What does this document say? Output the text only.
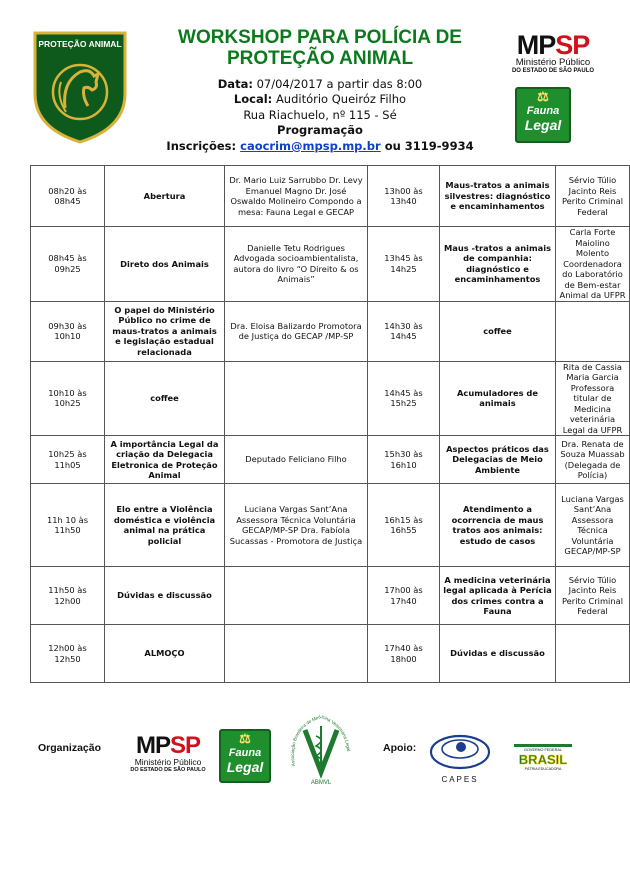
PROTEÇÃO ANIMAL	WORKSHOP PARA POLÍCIA DE
PROTEÇÃO ANIMAL
Data: 07/04/2017 a partir das 8:00
Local: Auditório Queiróz Filho
Rua Riachuelo, nº 115 - Sé
Programação
Inscrições: caocrim@mpsp.mp.br ou 3119-9934
MPSP
Ministério Público
DO ESTADO DE SÃO PAULO
⚖
Fauna
Legal
08h20 às 08h45	Abertura	Dr. Mario Luiz Sarrubbo Dr. Levy Emanuel Magno Dr. José Oswaldo Molineiro Compondo a mesa: Fauna Legal e GECAP	13h00 às 13h40	Maus-tratos a animais silvestres: diagnóstico e encaminhamentos	Sérvio Túlio Jacinto Reis Perito Criminal Federal
08h45 às 09h25	Direto dos Animais	Danielle Tetu Rodrigues Advogada socioambientalista, autora do livro “O Direito & os Animais”	13h45 às 14h25	Maus -tratos a animais de companhia: diagnóstico e encaminhamentos	Carla Forte Maiolino Molento Coordenadora do Laboratório de Bem-estar Animal da UFPR
09h30 às 10h10	O papel do Ministério Público no crime de maus-tratos a animais e legislação estadual relacionada	Dra. Eloisa Balizardo Promotora de Justiça do GECAP /MP-SP	14h30 às 14h45	coffee	
10h10 às 10h25	coffee		14h45 às 15h25	Acumuladores de animais	Rita de Cassia Maria Garcia Professora titular de Medicina veterinária Legal da UFPR
10h25 às 11h05	A importância Legal da criação da Delegacia Eletronica de Proteção Animal	Deputado Feliciano Filho	15h30 às 16h10	Aspectos práticos das Delegacias de Meio Ambiente	Dra. Renata de Souza Muassab (Delegada de Polícia)
11h 10 às 11h50	Elo entre a Violência doméstica e violência animal na prática policial	Luciana Vargas Sant’Ana Assessora Técnica Voluntária GECAP/MP-SP Dra. Fabíola Sucassas - Promotora de Justiça	16h15 às 16h55	Atendimento a ocorrencia de maus tratos aos animais: estudo de casos	Luciana Vargas Sant’Ana Assessora Técnica Voluntária GECAP/MP-SP
11h50 às 12h00	Dúvidas e discussão		17h00 às 17h40	A medicina veterinária legal aplicada à Perícia dos crimes contra a Fauna	Sérvio Túlio Jacinto Reis Perito Criminal Federal
12h00 às 12h50	ALMOÇO		17h40 às 18h00	Dúvidas e discussão	
Organização	MPSP
Ministério Público
DO ESTADO DE SÃO PAULO
⚖
Fauna
Legal	Associação Brasileira de Medicina Veterinária Legal
ABMVL
Apoio:
CAPES
GOVERNO FEDERAL
BRASIL
PÁTRIA EDUCADORA
